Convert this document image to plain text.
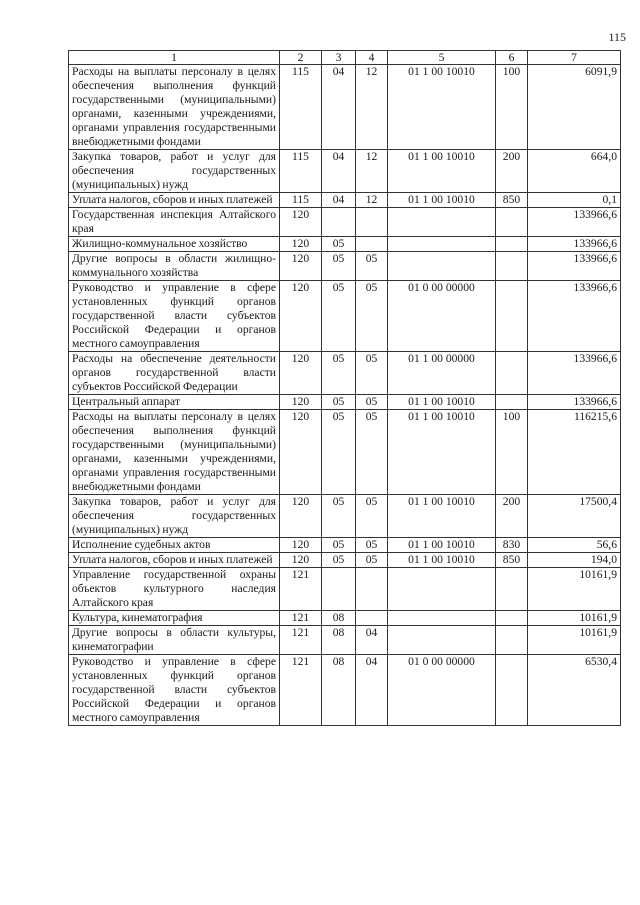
115
1	2	3	4	5	6	7
Расходы на выплаты персоналу в целях обеспечения выполнения функций государственными (муниципальными) органами, казенными учреждениями, органами управления государственными внебюджетными фондами	115	04	12	01 1 00 10010	100	6091,9
Закупка товаров, работ и услуг для обеспечения государственных (муниципальных) нужд	115	04	12	01 1 00 10010	200	664,0
Уплата налогов, сборов и иных платежей	115	04	12	01 1 00 10010	850	0,1
Государственная инспекция Алтайского края	120					133966,6
Жилищно-коммунальное хозяйство	120	05				133966,6
Другие вопросы в области жилищно-коммунального хозяйства	120	05	05			133966,6
Руководство и управление в сфере установленных функций органов государственной власти субъектов Российской Федерации и органов местного самоуправления	120	05	05	01 0 00 00000		133966,6
Расходы на обеспечение деятельности органов государственной власти субъектов Российской Федерации	120	05	05	01 1 00 00000		133966,6
Центральный аппарат	120	05	05	01 1 00 10010		133966,6
Расходы на выплаты персоналу в целях обеспечения выполнения функций государственными (муниципальными) органами, казенными учреждениями, органами управления государственными внебюджетными фондами	120	05	05	01 1 00 10010	100	116215,6
Закупка товаров, работ и услуг для обеспечения государственных (муниципальных) нужд	120	05	05	01 1 00 10010	200	17500,4
Исполнение судебных актов	120	05	05	01 1 00 10010	830	56,6
Уплата налогов, сборов и иных платежей	120	05	05	01 1 00 10010	850	194,0
Управление государственной охраны объектов культурного наследия Алтайского края	121					10161,9
Культура, кинематография	121	08				10161,9
Другие вопросы в области культуры, кинематографии	121	08	04			10161,9
Руководство и управление в сфере установленных функций органов государственной власти субъектов Российской Федерации и органов местного самоуправления	121	08	04	01 0 00 00000		6530,4
